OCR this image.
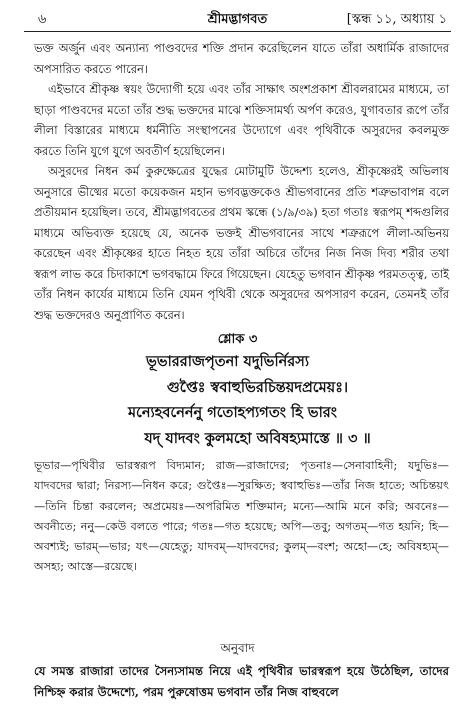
৬	শ্রীমদ্ভাগবত	[স্কন্ধ ১১, অধ্যায় ১

ভক্ত অর্জুন এবং অন্যান্য পাণ্ডবদের শক্তি প্রদান করেছিলেন যাতে তাঁরা অধার্মিক রাজাদের অপসারিত করতে পারেন।

এইভাবে শ্রীকৃষ্ণ স্বয়ং উদ্যোগী হয়ে এবং তাঁর সাক্ষাৎ অংশপ্রকাশ শ্রীবলরামের মাধ্যমে, তা ছাড়া পাণ্ডবদের মতো তাঁর শুদ্ধ ভক্তদের মাঝে শক্তিসামর্থ্য অর্পণ করেও, যুগাবতার রূপে তাঁর লীলা বিস্তারের মাধ্যমে ধর্মনীতি সংস্থাপনের উদ্যোগে এবং পৃথিবীকে অসুরদের কবলমুক্ত করতে তিনি যুগে যুগে অবতীর্ণ হয়েছিলেন।

অসুরদের নিধন কর্ম কুরুক্ষেত্রের যুদ্ধের মোটামুটি উদ্দেশ্য হলেও, শ্রীকৃষ্ণেরই অভিলাষ অনুসারে ভীষ্মের মতো কয়েকজন মহান ভগবদ্ভক্তকেও শ্রীভগবানের প্রতি শত্রুভাবাপন্ন বলে প্রতীয়মান হয়েছিল। তবে, শ্রীমদ্ভাগবতের প্রথম স্কন্ধে (১/৯/৩৯) হতা গতাঃ স্বরূপম্ শব্দগুলির মাধ্যমে অভিব্যক্ত হয়েছে যে, অনেক ভক্তই শ্রীভগবানের সাথে শত্রুরূপে লীলা-অভিনয় করেছেন এবং শ্রীকৃষ্ণের হাতে নিহত হয়ে তাঁরা অচিরে তাঁদের নিজ নিজ দিব্য শরীর তথা স্বরূপ লাভ করে চিদাকাশে ভগবদ্ধামে ফিরে গিয়েছেন। যেহেতু ভগবান শ্রীকৃষ্ণ পরমতত্ত্ব, তাই তাঁর নিধন কার্যের মাধ্যমে তিনি যেমন পৃথিবী থেকে অসুরদের অপসারণ করেন, তেমনই তাঁর শুদ্ধ ভক্তদেরও অনুপ্রাণিত করেন।

শ্লোক ৩
ভূভাররাজপৃতনা যদুভির্নিরস্য
গুপ্তৈঃ স্ববাহুভিরচিন্তয়দপ্রমেয়ঃ।
মন্যেহবনের্ননু গতোহপ্যগতং হি ভারং
যদ্ যাদবং কুলমহো অবিষহ্যমাস্তে ॥ ৩ ॥
ভূভার—পৃথিবীর ভারস্বরূপ বিদ্যমান; রাজ—রাজাদের; পৃতনাঃ—সেনাবাহিনী; যদুভিঃ—যাদবদের দ্বারা; নিরস্য—নিধন করে; গুপ্তৈঃ—সুরক্ষিত; স্ববাহুভিঃ—তাঁর নিজ হাতে; অচিন্তয়ৎ—তিনি চিন্তা করলেন; অপ্রমেয়ঃ—অপরিমিত শক্তিমান; মন্যে—আমি মনে করি; অবনেঃ—অবনীতে; ননু—কেউ বলতে পারে; গতঃ—গত হয়েছে; অপি—তবু; অগতম্—গত হয়নি; হি—অবশ্যই; ভারম্—ভার; যৎ—যেহেতু; যাদবম্—যাদবদের; কুলম্—বংশ; অহো—হে; অবিষহ্যম্—অসহ্য; আস্তে—রয়েছে।
অনুবাদ
যে সমস্ত রাজারা তাদের সৈন্যসামন্ত নিয়ে এই পৃথিবীর ভারস্বরূপ হয়ে উঠেছিল, তাদের নিশ্চিহ্ন করার উদ্দেশ্যে, পরম পুরুষোত্তম ভগবান তাঁর নিজ বাহুবলে
